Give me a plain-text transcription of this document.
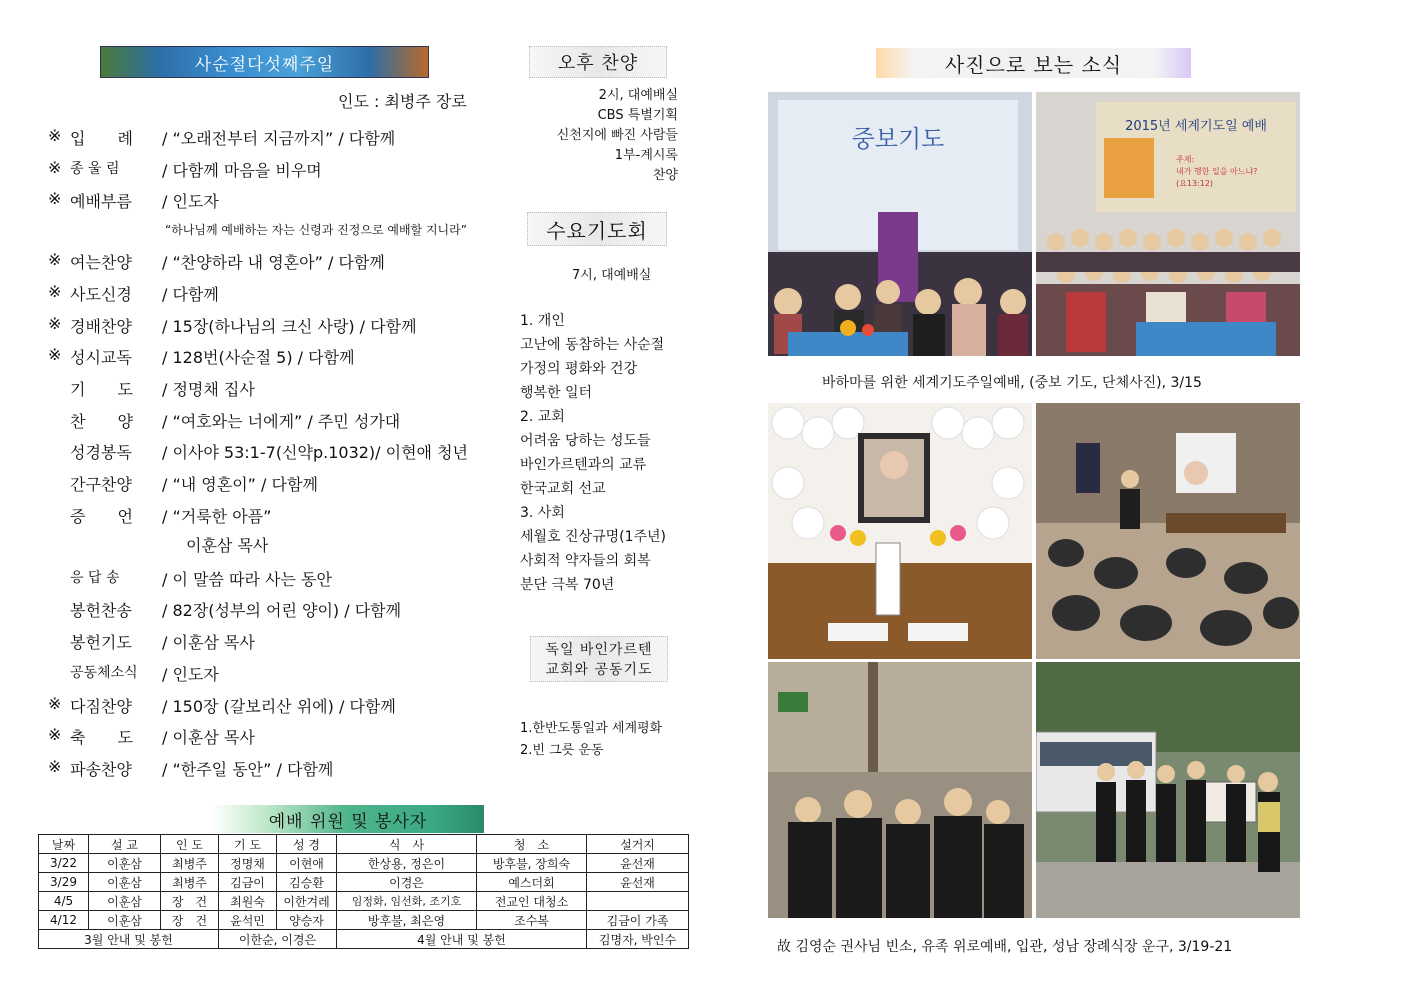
사순절다섯째주일
인도 : 최병주 장로
※ 입　　례 / “오래전부터 지금까지” / 다함께
※ 종 울 림	/ 다함께 마음을 비우며
※ 예배부름 / 인도자
※ 여는찬양 / “찬양하라 내 영혼아” / 다함께
※ 사도신경 / 다함께
※ 경배찬양 / 15장(하나님의 크신 사랑) / 다함께
※ 성시교독 / 128번(사순절 5) / 다함께
기　　도 / 정명채 집사
찬　　양 / “여호와는 너에게” / 주민 성가대
성경봉독 / 이사야 53:1-7(신약p.1032)/ 이현애 청년
간구찬양 / “내 영혼이” / 다함께
증　　언 / “거룩한 아픔”
응 답 송	/ 이 말씀 따라 사는 동안
봉헌찬송 / 82장(성부의 어린 양이) / 다함께
봉헌기도 / 이훈삼 목사
공동체소식 / 인도자
※ 다짐찬양 / 150장 (갈보리산 위에) / 다함께
※ 축　　도 / 이훈삼 목사
※ 파송찬양 / “한주일 동안” / 다함께
“하나님께 예배하는 자는 신령과 진정으로 예배할 지니라”
이훈삼 목사
예배 위원 및 봉사자
날짜	설 교	인 도	기 도	성 경	식　사	청　소	설거지
3/22	이훈삼	최병주	정명채	이현애	한상용, 정은이	방후불, 장희숙	윤선재
3/29	이훈삼	최병주	김금이	김승환	이경은	예스더회	윤선재
4/5	이훈삼	장　건	최원숙	이한겨레	임정화, 임선화, 조기호	전교인 대청소	
4/12	이훈삼	장　건	윤석민	양승자	방후불, 최은영	조수복	김금이 가족
3월 안내 및 봉헌			이한순, 이경은		4월 안내 및 봉헌		김명자, 박인수
오후 찬양
2시, 대예배실
CBS 특별기획
신천지에 빠진 사람들
1부-계시록
찬양
수요기도회
7시, 대예배실
1. 개인
고난에 동참하는 사순절
가정의 평화와 건강
행복한 일터
2. 교회
어려움 당하는 성도들
바인가르텐과의 교류
한국교회 선교
3. 사회
세월호 진상규명(1주년)
사회적 약자들의 회복
분단 극복 70년
독일 바인가르텐
교회와 공동기도
1.한반도통일과 세계평화
2.빈 그릇 운동
사진으로 보는 소식
중보기도	2015년 세계기도일 예배
주제:
내가 행한 일을 아느냐?
(요13:12)
바하마를 위한 세계기도주일예배, (중보 기도, 단체사진), 3/15
故 김영순 권사님 빈소, 유족 위로예배, 입관, 성남 장례식장 운구, 3/19-21
